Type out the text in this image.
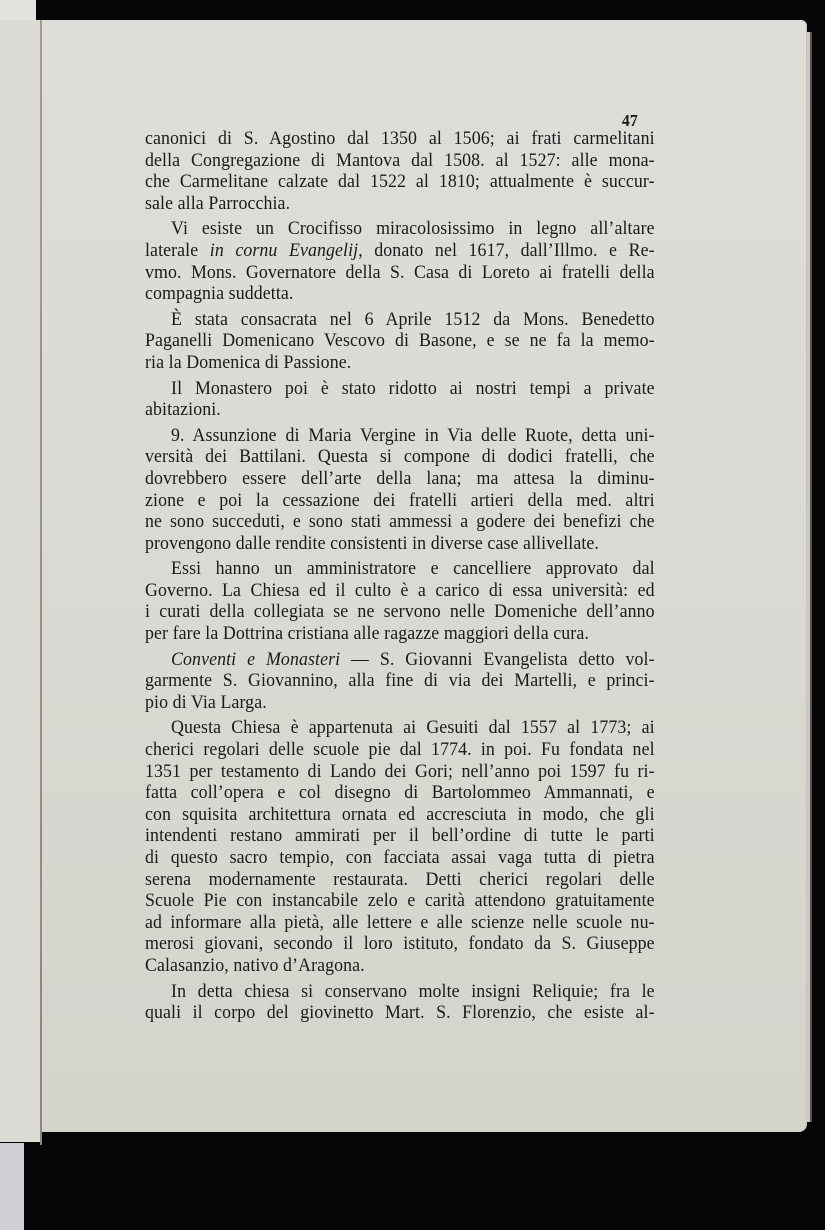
47
canonici di S. Agostino dal 1350 al 1506; ai frati carmelitani
della Congregazione di Mantova dal 1508. al 1527: alle mona-
che Carmelitane calzate dal 1522 al 1810; attualmente è succur-
sale alla Parrocchia.
Vi esiste un Crocifisso miracolosissimo in legno all’altare
laterale in cornu Evangelij, donato nel 1617, dall’Illmo. e Re-
vmo. Mons. Governatore della S. Casa di Loreto ai fratelli della
compagnia suddetta.
È stata consacrata nel 6 Aprile 1512 da Mons. Benedetto
Paganelli Domenicano Vescovo di Basone, e se ne fa la memo-
ria la Domenica di Passione.
Il Monastero poi è stato ridotto ai nostri tempi a private
abitazioni.
9. Assunzione di Maria Vergine in Via delle Ruote, detta uni-
versità dei Battilani. Questa si compone di dodici fratelli, che
dovrebbero essere dell’arte della lana; ma attesa la diminu-
zione e poi la cessazione dei fratelli artieri della med. altri
ne sono succeduti, e sono stati ammessi a godere dei benefizi che
provengono dalle rendite consistenti in diverse case allivellate.
Essi hanno un amministratore e cancelliere approvato dal
Governo. La Chiesa ed il culto è a carico di essa università: ed
i curati della collegiata se ne servono nelle Domeniche dell’anno
per fare la Dottrina cristiana alle ragazze maggiori della cura.
Conventi e Monasteri — S. Giovanni Evangelista detto vol-
garmente S. Giovannino, alla fine di via dei Martelli, e princi-
pio di Via Larga.
Questa Chiesa è appartenuta ai Gesuiti dal 1557 al 1773; ai
cherici regolari delle scuole pie dal 1774. in poi. Fu fondata nel
1351 per testamento di Lando dei Gori; nell’anno poi 1597 fu ri-
fatta coll’opera e col disegno di Bartolommeo Ammannati, e
con squisita architettura ornata ed accresciuta in modo, che gli
intendenti restano ammirati per il bell’ordine di tutte le parti
di questo sacro tempio, con facciata assai vaga tutta di pietra
serena modernamente restaurata. Detti cherici regolari delle
Scuole Pie con instancabile zelo e carità attendono gratuitamente
ad informare alla pietà, alle lettere e alle scienze nelle scuole nu-
merosi giovani, secondo il loro istituto, fondato da S. Giuseppe
Calasanzio, nativo d’Aragona.
In detta chiesa si conservano molte insigni Reliquie; fra le
quali il corpo del giovinetto Mart. S. Florenzio, che esiste al-
